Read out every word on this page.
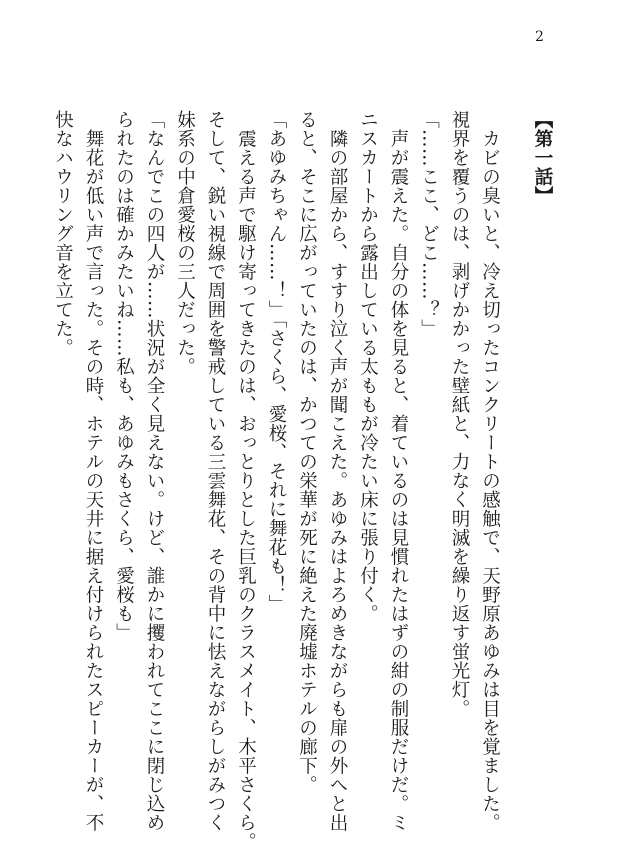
2
【第一話】

カビの臭いと、冷え切ったコンクリートの感触で、天野原あゆみは目を覚ました。

視界を覆うのは、剥げかかった壁紙と、力なく明滅を繰り返す蛍光灯。

「……ここ、どこ……？」

声が震えた。自分の体を見ると、着ているのは見慣れたはずの紺の制服だけだ。ミ

ニスカートから露出している太ももが冷たい床に張り付く。

隣の部屋から、すすり泣く声が聞こえた。あゆみはよろめきながらも扉の外へと出

ると、そこに広がっていたのは、かつての栄華が死に絶えた廃墟ホテルの廊下。

「あゆみちゃん……！」「さくら、愛桜、それに舞花も！」

震える声で駆け寄ってきたのは、おっとりとした巨乳のクラスメイト、木平さくら。

そして、鋭い視線で周囲を警戒している三雲舞花、その背中に怯えながらしがみつく

妹系の中倉愛桜の三人だった。

「なんでこの四人が……状況が全く見えない。けど、誰かに攫われてここに閉じ込め

られたのは確かみたいね……私も、あゆみもさくら、愛桜も」

舞花が低い声で言った。その時、ホテルの天井に据え付けられたスピーカーが、不

快なハウリング音を立てた。
